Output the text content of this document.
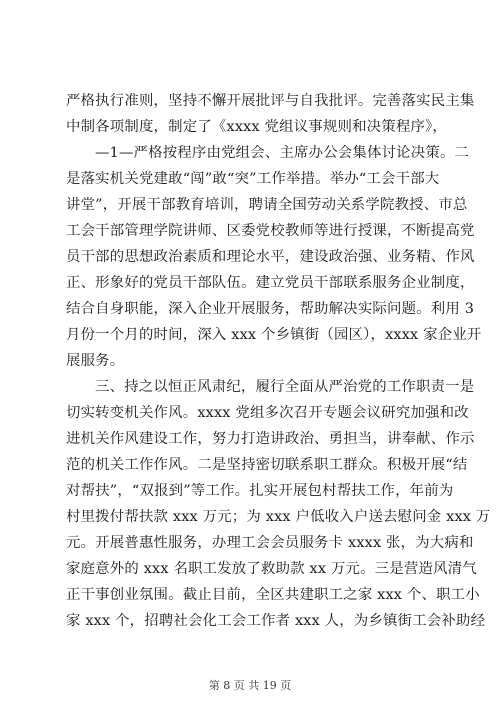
严格执行准则，坚持不懈开展批评与自我批评。完善落实民主集
中制各项制度，制定了《xxxx 党组议事规则和决策程序》，
—1—严格按程序由党组会、主席办公会集体讨论决策。二
是落实机关党建敢“闯”敢“突”工作举措。举办“工会干部大
讲堂”，开展干部教育培训，聘请全国劳动关系学院教授、市总
工会干部管理学院讲师、区委党校教师等进行授课，不断提高党
员干部的思想政治素质和理论水平，建设政治强、业务精、作风
正、形象好的党员干部队伍。建立党员干部联系服务企业制度，
结合自身职能，深入企业开展服务，帮助解决实际问题。利用 3
月份一个月的时间，深入 xxx 个乡镇街（园区），xxxx 家企业开
展服务。
三、持之以恒正风肃纪，履行全面从严治党的工作职责一是
切实转变机关作风。xxxx 党组多次召开专题会议研究加强和改
进机关作风建设工作，努力打造讲政治、勇担当，讲奉献、作示
范的机关工作作风。二是坚持密切联系职工群众。积极开展“结
对帮扶”，“双报到”等工作。扎实开展包村帮扶工作，年前为
村里拨付帮扶款 xxx 万元；为 xxx 户低收入户送去慰问金 xxx 万
元。开展普惠性服务，办理工会会员服务卡 xxxx 张，为大病和
家庭意外的 xxx 名职工发放了救助款 xx 万元。三是营造风清气
正干事创业氛围。截止目前，全区共建职工之家 xxx 个、职工小
家 xxx 个，招聘社会化工会工作者 xxx 人，为乡镇街工会补助经
第 8 页 共 19 页
